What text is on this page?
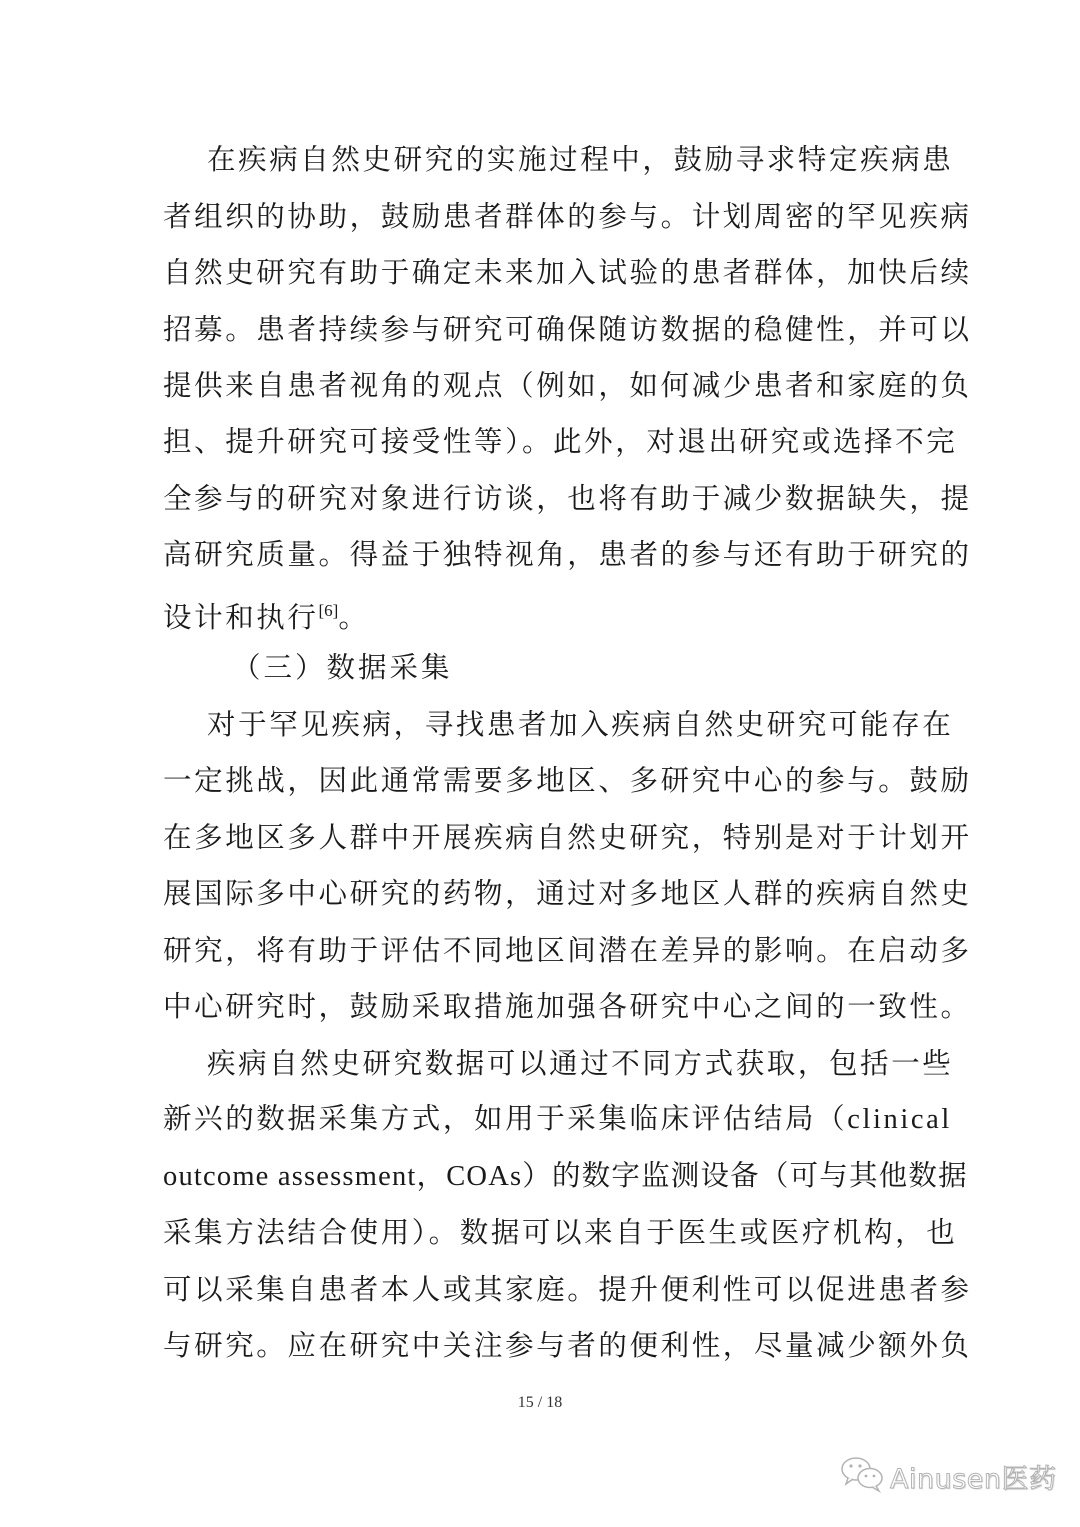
在疾病自然史研究的实施过程中，鼓励寻求特定疾病患
者组织的协助，鼓励患者群体的参与。计划周密的罕见疾病
自然史研究有助于确定未来加入试验的患者群体，加快后续
招募。患者持续参与研究可确保随访数据的稳健性，并可以
提供来自患者视角的观点（例如，如何减少患者和家庭的负
担、提升研究可接受性等）。此外，对退出研究或选择不完
全参与的研究对象进行访谈，也将有助于减少数据缺失，提
高研究质量。得益于独特视角，患者的参与还有助于研究的
设计和执行[6]。
（三）数据采集
对于罕见疾病，寻找患者加入疾病自然史研究可能存在
一定挑战，因此通常需要多地区、多研究中心的参与。鼓励
在多地区多人群中开展疾病自然史研究，特别是对于计划开
展国际多中心研究的药物，通过对多地区人群的疾病自然史
研究，将有助于评估不同地区间潜在差异的影响。在启动多
中心研究时，鼓励采取措施加强各研究中心之间的一致性。
疾病自然史研究数据可以通过不同方式获取，包括一些
新兴的数据采集方式，如用于采集临床评估结局（clinical
outcome assessment，COAs）的数字监测设备（可与其他数据
采集方法结合使用）。数据可以来自于医生或医疗机构，也
可以采集自患者本人或其家庭。提升便利性可以促进患者参
与研究。应在研究中关注参与者的便利性，尽量减少额外负
15 / 18
Ainusen医药
